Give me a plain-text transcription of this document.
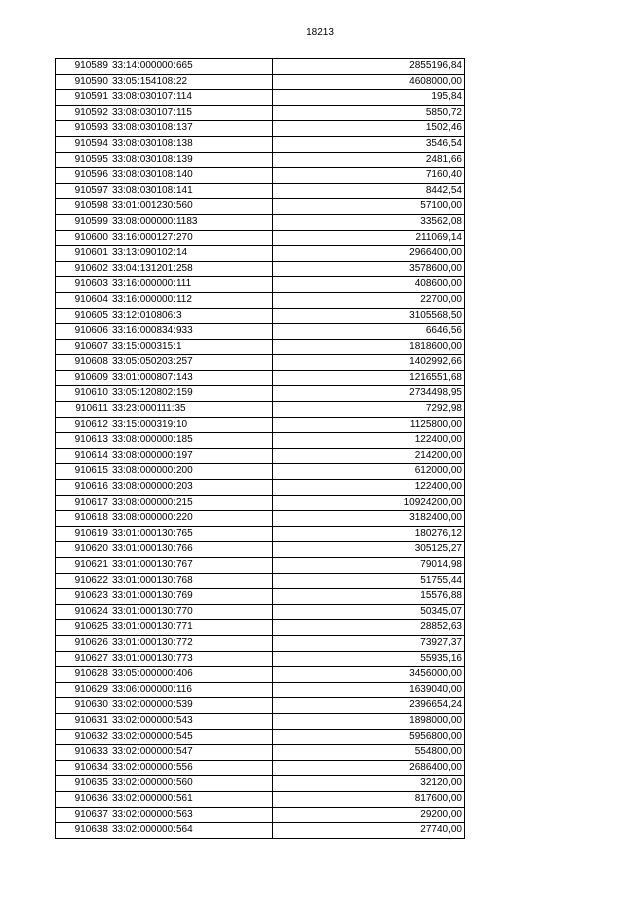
18213
910589	33:14:000000:665	2855196,84
910590	33:05:154108:22	4608000,00
910591	33:08:030107:114	195,84
910592	33:08:030107:115	5850,72
910593	33:08:030108:137	1502,46
910594	33:08:030108:138	3546,54
910595	33:08:030108:139	2481,66
910596	33:08:030108:140	7160,40
910597	33:08:030108:141	8442,54
910598	33:01:001230:560	57100,00
910599	33:08:000000:1183	33562,08
910600	33:16:000127:270	211069,14
910601	33:13:090102:14	2966400,00
910602	33:04:131201:258	3578600,00
910603	33:16:000000:111	408600,00
910604	33:16:000000:112	22700,00
910605	33:12:010806:3	3105568,50
910606	33:16:000834:933	6646,56
910607	33:15:000315:1	1818600,00
910608	33:05:050203:257	1402992,66
910609	33:01:000807:143	1216551,68
910610	33:05:120802:159	2734498,95
910611	33:23:000111:35	7292,98
910612	33:15:000319:10	1125800,00
910613	33:08:000000:185	122400,00
910614	33:08:000000:197	214200,00
910615	33:08:000000:200	612000,00
910616	33:08:000000:203	122400,00
910617	33:08:000000:215	10924200,00
910618	33:08:000000:220	3182400,00
910619	33:01:000130:765	180276,12
910620	33:01:000130:766	305125,27
910621	33:01:000130:767	79014,98
910622	33:01:000130:768	51755,44
910623	33:01:000130:769	15576,88
910624	33:01:000130:770	50345,07
910625	33:01:000130:771	28852,63
910626	33:01:000130:772	73927,37
910627	33:01:000130:773	55935,16
910628	33:05:000000:406	3456000,00
910629	33:06:000000:116	1639040,00
910630	33:02:000000:539	2396654,24
910631	33:02:000000:543	1898000,00
910632	33:02:000000:545	5956800,00
910633	33:02:000000:547	554800,00
910634	33:02:000000:556	2686400,00
910635	33:02:000000:560	32120,00
910636	33:02:000000:561	817600,00
910637	33:02:000000:563	29200,00
910638	33:02:000000:564	27740,00
